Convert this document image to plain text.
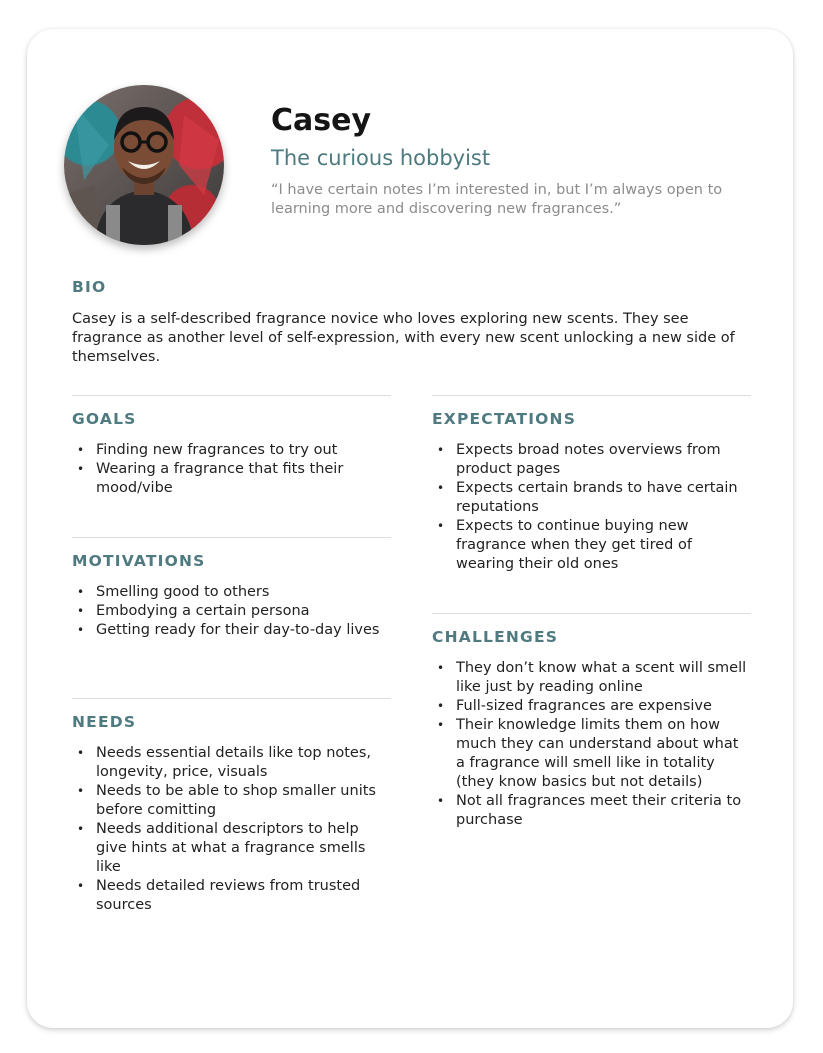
Casey

The curious hobbyist

“I have certain notes I’m interested in, but I’m always open to learning more and discovering new fragrances.”

BIO

Casey is a self-described fragrance novice who loves exploring new scents. They see fragrance as another level of self-expression, with every new scent unlocking a new side of themselves.

GOALS
• Finding new fragrances to try out
• Wearing a fragrance that fits their mood/vibe
MOTIVATIONS
• Smelling good to others
• Embodying a certain persona
• Getting ready for their day-to-day lives
NEEDS
• Needs essential details like top notes, longevity, price, visuals
• Needs to be able to shop smaller units before comitting
• Needs additional descriptors to help give hints at what a fragrance smells like
• Needs detailed reviews from trusted sources
EXPECTATIONS
• Expects broad notes overviews from product pages
• Expects certain brands to have certain reputations
• Expects to continue buying new fragrance when they get tired of wearing their old ones
CHALLENGES
• They don’t know what a scent will smell like just by reading online
• Full-sized fragrances are expensive
• Their knowledge limits them on how much they can understand about what a fragrance will smell like in totality (they know basics but not details)
• Not all fragrances meet their criteria to purchase
